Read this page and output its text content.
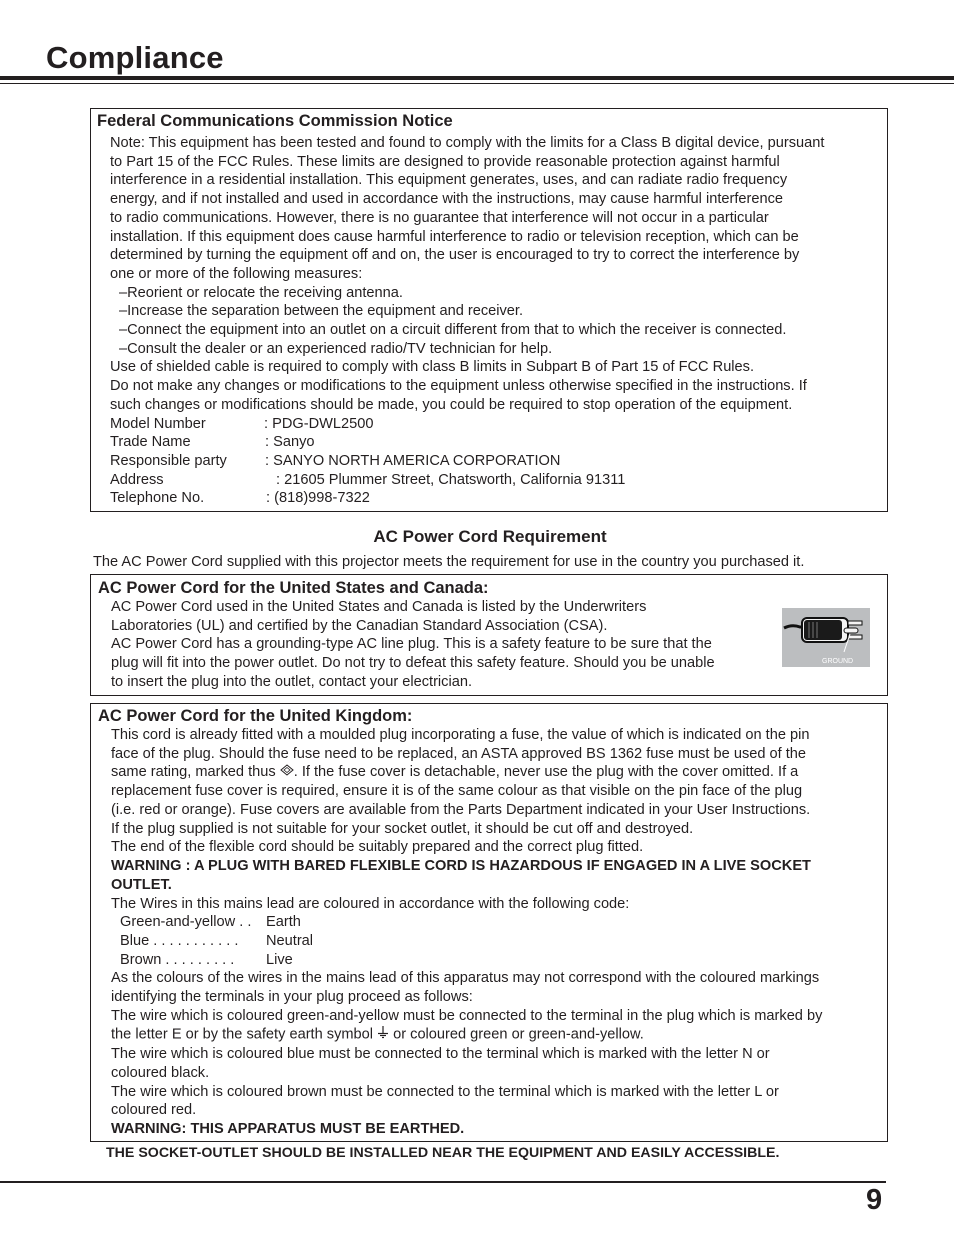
Compliance
Federal Communications Commission Notice
Note: This equipment has been tested and found to comply with the limits for a Class B digital device, pursuant
to Part 15 of the FCC Rules. These limits are designed to provide reasonable protection against harmful
interference in a residential installation. This equipment generates, uses, and can radiate radio frequency
energy, and if not installed and used in accordance with the instructions, may cause harmful interference
to radio communications. However, there is no guarantee that interference will not occur in a particular
installation. If this equipment does cause harmful interference to radio or television reception, which can be
determined by turning the equipment off and on, the user is encouraged to try to correct the interference by
one or more of the following measures:
–Reorient or relocate the receiving antenna.
–Increase the separation between the equipment and receiver.
–Connect the equipment into an outlet on a circuit different from that to which the receiver is connected.
–Consult the dealer or an experienced radio/TV technician for help.
Use of shielded cable is required to comply with class B limits in Subpart B of Part 15 of FCC Rules.
Do not make any changes or modifications to the equipment unless otherwise specified in the instructions. If
such changes or modifications should be made, you could be required to stop operation of the equipment.
Model Number	: PDG-DWL2500
Trade Name	: Sanyo
Responsible party	: SANYO NORTH AMERICA CORPORATION
Address	: 21605 Plummer Street, Chatsworth, California 91311
Telephone No.	: (818)998-7322
AC Power Cord Requirement
The AC Power Cord supplied with this projector meets the requirement for use in the country you purchased it.
AC Power Cord for the United States and Canada:
AC Power Cord used in the United States and Canada is listed by the Underwriters
Laboratories (UL) and certified by the Canadian Standard Association (CSA).
AC Power Cord has a grounding-type AC line plug. This is a safety feature to be sure that the
plug will fit into the power outlet. Do not try to defeat this safety feature. Should you be unable
to insert the plug into the outlet, contact your electrician.
GROUND
AC Power Cord for the United Kingdom:
This cord is already fitted with a moulded plug incorporating a fuse, the value of which is indicated on the pin
face of the plug. Should the fuse need to be replaced, an ASTA approved BS 1362 fuse must be used of the
same rating, marked thus . If the fuse cover is detachable, never use the plug with the cover omitted. If a
replacement fuse cover is required, ensure it is of the same colour as that visible on the pin face of the plug
(i.e. red or orange). Fuse covers are available from the Parts Department indicated in your User Instructions.
If the plug supplied is not suitable for your socket outlet, it should be cut off and destroyed.
The end of the flexible cord should be suitably prepared and the correct plug fitted.
WARNING : A PLUG WITH BARED FLEXIBLE CORD IS HAZARDOUS IF ENGAGED IN A LIVE SOCKET
OUTLET.
The Wires in this mains lead are coloured in accordance with the following code:
Green-and-yellow . . Earth
Blue . . . . . . . . . . .	Neutral
Brown . . . . . . . . .	Live
As the colours of the wires in the mains lead of this apparatus may not correspond with the coloured markings
identifying the terminals in your plug proceed as follows:
The wire which is coloured green-and-yellow must be connected to the terminal in the plug which is marked by
the letter E or by the safety earth symbol  or coloured green or green-and-yellow.
The wire which is coloured blue must be connected to the terminal which is marked with the letter N or
coloured black.
The wire which is coloured brown must be connected to the terminal which is marked with the letter L or
coloured red.
WARNING: THIS APPARATUS MUST BE EARTHED.
THE SOCKET-OUTLET SHOULD BE INSTALLED NEAR THE EQUIPMENT AND EASILY ACCESSIBLE.
9
